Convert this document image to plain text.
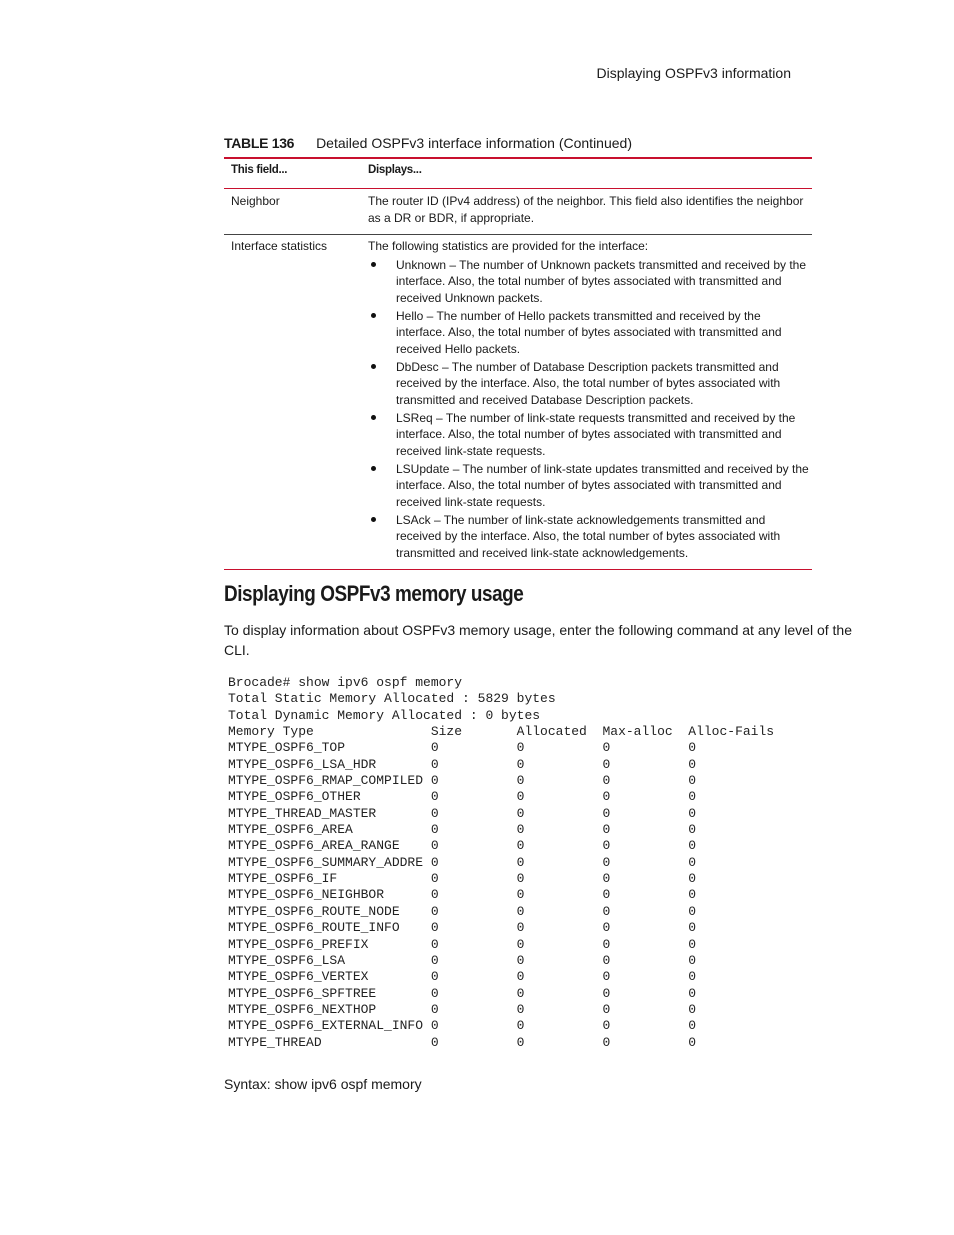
Displaying OSPFv3 information
TABLE 136 Detailed OSPFv3 interface information (Continued)
This field...	Displays...
Neighbor	The router ID (IPv4 address) of the neighbor. This field also identifies the neighbor as a DR or BDR, if appropriate.
Interface statistics	The following statistics are provided for the interface:
Unknown – The number of Unknown packets transmitted and received by the interface. Also, the total number of bytes associated with transmitted and received Unknown packets.
Hello – The number of Hello packets transmitted and received by the interface. Also, the total number of bytes associated with transmitted and received Hello packets.
DbDesc – The number of Database Description packets transmitted and received by the interface. Also, the total number of bytes associated with transmitted and received Database Description packets.
LSReq – The number of link-state requests transmitted and received by the interface. Also, the total number of bytes associated with transmitted and received link-state requests.
LSUpdate – The number of link-state updates transmitted and received by the interface. Also, the total number of bytes associated with transmitted and received link-state requests.
LSAck – The number of link-state acknowledgements transmitted and received by the interface. Also, the total number of bytes associated with transmitted and received link-state acknowledgements.
Displaying OSPFv3 memory usage
To display information about OSPFv3 memory usage, enter the following command at any level of the CLI.
Brocade# show ipv6 ospf memory
Total Static Memory Allocated : 5829 bytes
Total Dynamic Memory Allocated : 0 bytes
Memory Type               Size       Allocated  Max-alloc  Alloc-Fails
MTYPE_OSPF6_TOP           0          0          0          0
MTYPE_OSPF6_LSA_HDR       0          0          0          0
MTYPE_OSPF6_RMAP_COMPILED 0          0          0          0
MTYPE_OSPF6_OTHER         0          0          0          0
MTYPE_THREAD_MASTER       0          0          0          0
MTYPE_OSPF6_AREA          0          0          0          0
MTYPE_OSPF6_AREA_RANGE    0          0          0          0
MTYPE_OSPF6_SUMMARY_ADDRE 0          0          0          0
MTYPE_OSPF6_IF            0          0          0          0
MTYPE_OSPF6_NEIGHBOR      0          0          0          0
MTYPE_OSPF6_ROUTE_NODE    0          0          0          0
MTYPE_OSPF6_ROUTE_INFO    0          0          0          0
MTYPE_OSPF6_PREFIX        0          0          0          0
MTYPE_OSPF6_LSA           0          0          0          0
MTYPE_OSPF6_VERTEX        0          0          0          0
MTYPE_OSPF6_SPFTREE       0          0          0          0
MTYPE_OSPF6_NEXTHOP       0          0          0          0
MTYPE_OSPF6_EXTERNAL_INFO 0          0          0          0
MTYPE_THREAD              0          0          0          0
Syntax: show ipv6 ospf memory
